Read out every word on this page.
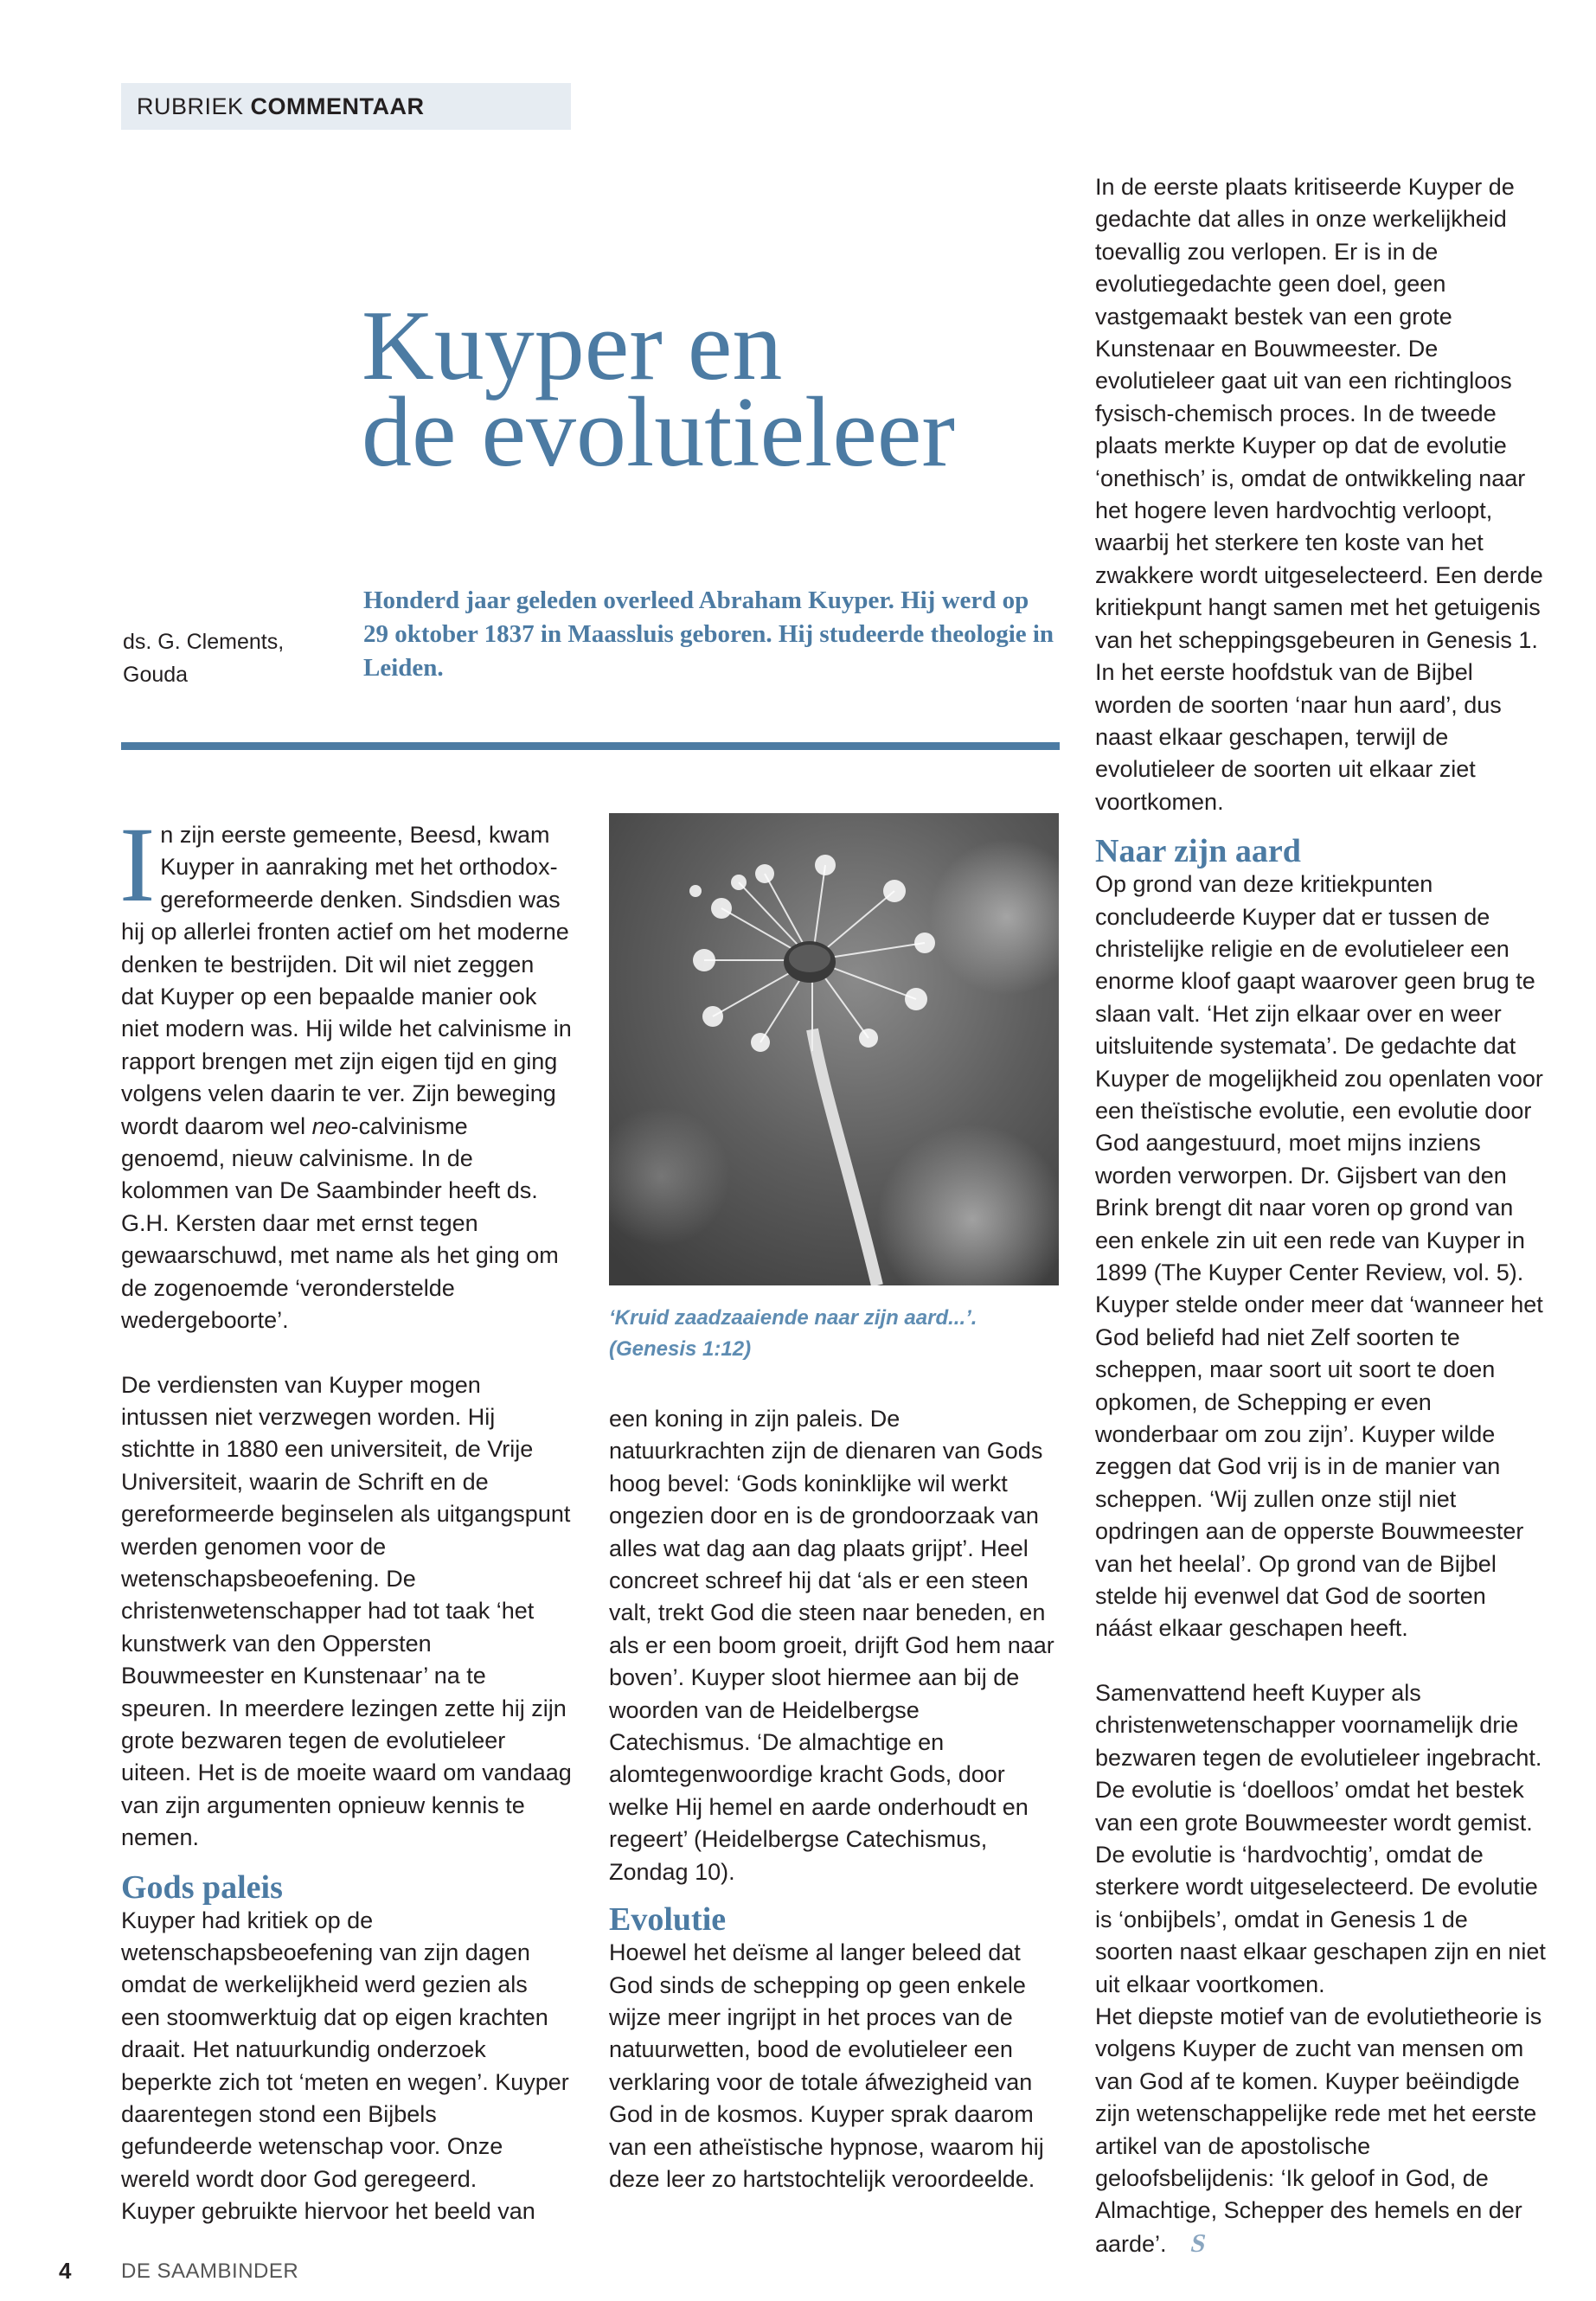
RUBRIEK COMMENTAAR
Kuyper en
de evolutieleer
ds. G. Clements,
Gouda
Honderd jaar geleden overleed Abraham Kuyper. Hij werd op 29 oktober 1837 in Maassluis geboren. Hij studeerde theologie in Leiden.

In zijn eerste gemeente, Beesd, kwam Kuyper in aanraking met het orthodox-gereformeerde denken. Sindsdien was hij op allerlei fronten actief om het moderne denken te bestrijden. Dit wil niet zeggen dat Kuyper op een bepaalde manier ook niet modern was. Hij wilde het calvinisme in rapport brengen met zijn eigen tijd en ging volgens velen daarin te ver. Zijn beweging wordt daarom wel neo-calvinisme genoemd, nieuw calvinisme. In de kolommen van De Saambinder heeft ds. G.H. Kersten daar met ernst tegen gewaarschuwd, met name als het ging om de zogenoemde ‘veronderstelde wedergeboorte’.

De verdiensten van Kuyper mogen intussen niet verzwegen worden. Hij stichtte in 1880 een universiteit, de Vrije Universiteit, waarin de Schrift en de gereformeerde beginselen als uitgangspunt werden genomen voor de wetenschapsbeoefening. De christenwetenschapper had tot taak ‘het kunstwerk van den Oppersten Bouwmeester en Kunstenaar’ na te speuren. In meerdere lezingen zette hij zijn grote bezwaren tegen de evolutieleer uiteen. Het is de moeite waard om vandaag van zijn argumenten opnieuw kennis te nemen.

Gods paleis

Kuyper had kritiek op de wetenschapsbeoefening van zijn dagen omdat de werkelijkheid werd gezien als een stoomwerktuig dat op eigen krachten draait. Het natuurkundig onderzoek beperkte zich tot ‘meten en wegen’. Kuyper daarentegen stond een Bijbels gefundeerde wetenschap voor. Onze wereld wordt door God geregeerd.

Kuyper gebruikte hiervoor het beeld van

‘Kruid zaadzaaiende naar zijn aard...’. (Genesis 1:12)

een koning in zijn paleis. De natuurkrachten zijn de dienaren van Gods hoog bevel: ‘Gods koninklijke wil werkt ongezien door en is de grondoorzaak van alles wat dag aan dag plaats grijpt’. Heel concreet schreef hij dat ‘als er een steen valt, trekt God die steen naar beneden, en als er een boom groeit, drijft God hem naar boven’. Kuyper sloot hiermee aan bij de woorden van de Heidelbergse Catechismus. ‘De almachtige en alomtegenwoordige kracht Gods, door welke Hij hemel en aarde onderhoudt en regeert’ (Heidelbergse Catechismus, Zondag 10).

Evolutie

Hoewel het deïsme al langer beleed dat God sinds de schepping op geen enkele wijze meer ingrijpt in het proces van de natuurwetten, bood de evolutieleer een verklaring voor de totale áfwezigheid van God in de kosmos. Kuyper sprak daarom van een atheïstische hypnose, waarom hij deze leer zo hartstochtelijk veroordeelde.

In de eerste plaats kritiseerde Kuyper de gedachte dat alles in onze werkelijkheid toevallig zou verlopen. Er is in de evolutiegedachte geen doel, geen vastgemaakt bestek van een grote Kunstenaar en Bouwmeester. De evolutieleer gaat uit van een richtingloos fysisch-chemisch proces. In de tweede plaats merkte Kuyper op dat de evolutie ‘onethisch’ is, omdat de ontwikkeling naar het hogere leven hardvochtig verloopt, waarbij het sterkere ten koste van het zwakkere wordt uitgeselecteerd. Een derde kritiekpunt hangt samen met het getuigenis van het scheppingsgebeuren in Genesis 1. In het eerste hoofdstuk van de Bijbel worden de soorten ‘naar hun aard’, dus naast elkaar geschapen, terwijl de evolutieleer de soorten uit elkaar ziet voortkomen.

Naar zijn aard

Op grond van deze kritiekpunten concludeerde Kuyper dat er tussen de christelijke religie en de evolutieleer een enorme kloof gaapt waarover geen brug te slaan valt. ‘Het zijn elkaar over en weer uitsluitende systemata’. De gedachte dat Kuyper de mogelijkheid zou openlaten voor een theïstische evolutie, een evolutie door God aangestuurd, moet mijns inziens worden verworpen. Dr. Gijsbert van den Brink brengt dit naar voren op grond van een enkele zin uit een rede van Kuyper in 1899 (The Kuyper Center Review, vol. 5). Kuyper stelde onder meer dat ‘wanneer het God beliefd had niet Zelf soorten te scheppen, maar soort uit soort te doen opkomen, de Schepping er even wonderbaar om zou zijn’. Kuyper wilde zeggen dat God vrij is in de manier van scheppen. ‘Wij zullen onze stijl niet opdringen aan de opperste Bouwmeester van het heelal’. Op grond van de Bijbel stelde hij evenwel dat God de soorten náást elkaar geschapen heeft.

Samenvattend heeft Kuyper als christenwetenschapper voornamelijk drie bezwaren tegen de evolutieleer ingebracht. De evolutie is ‘doelloos’ omdat het bestek van een grote Bouwmeester wordt gemist. De evolutie is ‘hardvochtig’, omdat de sterkere wordt uitgeselecteerd. De evolutie is ‘onbijbels’, omdat in Genesis 1 de soorten naast elkaar geschapen zijn en niet uit elkaar voortkomen.

Het diepste motief van de evolutietheorie is volgens Kuyper de zucht van mensen om van God af te komen. Kuyper beëindigde zijn wetenschappelijke rede met het eerste artikel van de apostolische geloofsbelijdenis: ‘Ik geloof in God, de Almachtige, Schepper des hemels en der aarde’. S

4 DE SAAMBINDER
